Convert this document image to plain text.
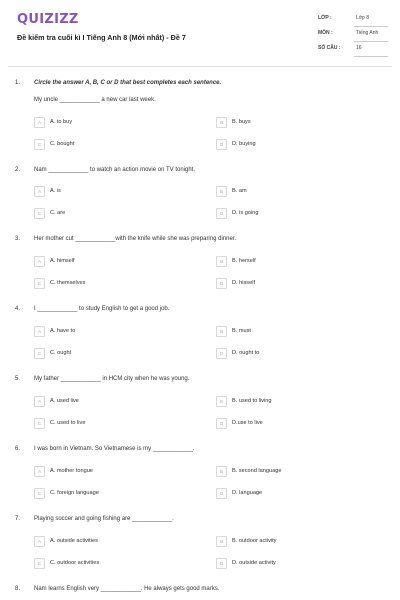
QUIZIZZ
Đề kiểm tra cuối kì I Tiếng Anh 8 (Mới nhất) - Đề 7
LỚP :	Lớp 8
MÔN :	Tiếng Anh
SỐ CÂU :	16
1. Circle the answer A, B, C or D that best completes each sentence.
My uncle ____________ a new car last week.
A	A. to buy	B	B. buys
C	C. bought	D	D. buying
2. Nam ____________ to watch an action movie on TV tonight.
A	A. is	B	B. am
C	C. are	D	D. is going
3. Her mother cut ____________with the knife while she was preparing dinner.
A	A. himself	B	B. herself
C	C. themselves	D	D. hisself
4. I ____________ to study English to get a good job.
A	A. have to	B	B. must
C	C. ought	D	D. ought to
5. My father ____________ in HCM city when he was young.
A	A. used live	B	B. used to living
C	C. used to live	D	D.use to live
6. I was born in Vietnam. So Vietnamese is my ____________.
A	A. mother tongue	B	B. second language
C	C. foreign language	D	D. language
7. Playing soccer and going fishing are ____________.
A	A. outside activities	B	B. outdoor activity
C	C. outdoor activities	D	D. outside activity
8. Nam learns English very ____________. He always gets good marks.
